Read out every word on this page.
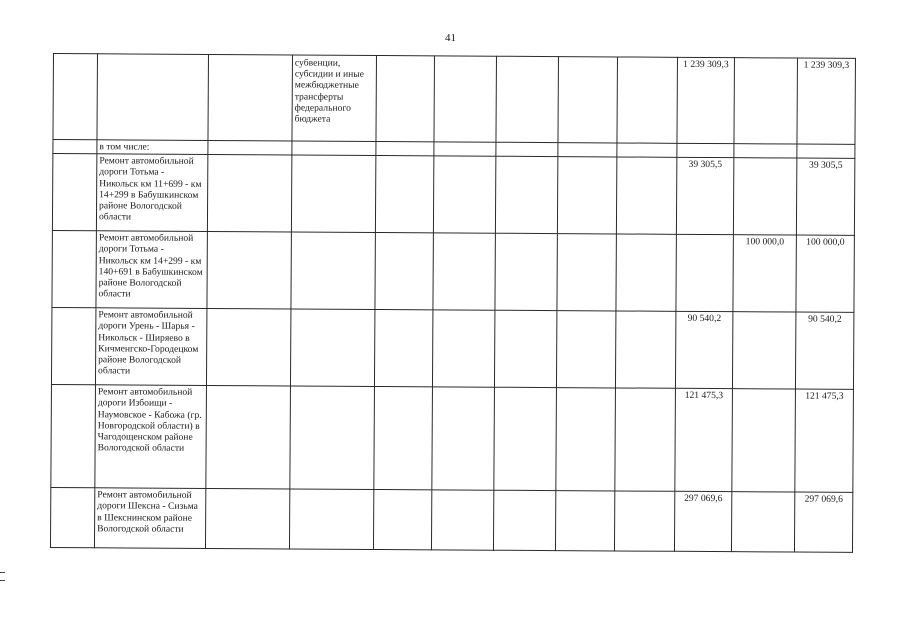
41

			субвенции, субсидии и иные межбюджетные трансферты федерального бюджета						1 239 309,3		1 239 309,3
	в том числе:										
	Ремонт автомобильной дороги Тотьма - Никольск км 11+699 - км 14+299 в Бабушкинском районе Вологодской области								39 305,5		39 305,5
	Ремонт автомобильной дороги Тотьма - Никольск км 14+299 - км 140+691 в Бабушкинском районе Вологодской области									100 000,0	100 000,0
	Ремонт автомобильной дороги Урень - Шарья - Никольск - Ширяево в Кичменгско-Городецком районе Вологодской области								90 540,2		90 540,2
	Ремонт автомобильной дороги Избоищи - Наумовское - Кабожа (гр. Новгородской области) в Чагодощенском районе Вологодской области								121 475,3		121 475,3
	Ремонт автомобильной дороги Шексна - Сизьма в Шекснинском районе Вологодской области								297 069,6		297 069,6
